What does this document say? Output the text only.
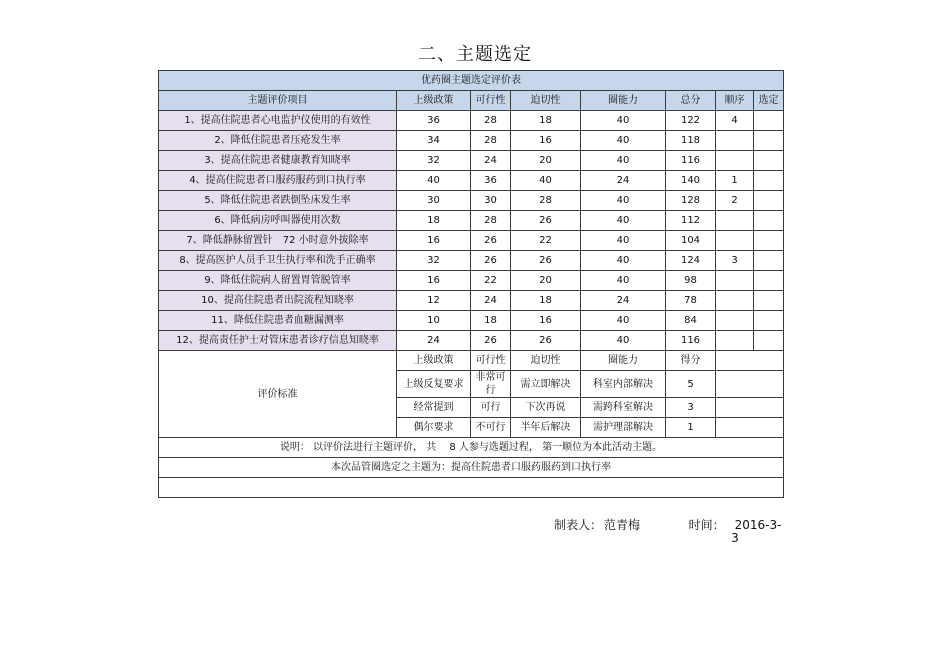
二、主题选定
优药圈主题选定评价表							
主题评价项目	上级政策	可行性	迫切性	圈能力	总分	顺序	选定
1、提高住院患者心电监护仪使用的有效性	36	28	18	40	122	4	
2、降低住院患者压疮发生率	34	28	16	40	118		
3、提高住院患者健康教育知晓率	32	24	20	40	116		
4、提高住院患者口服药服药到口执行率	40	36	40	24	140	1	
5、降低住院患者跌倒坠床发生率	30	30	28	40	128	2	
6、降低病房呼叫器使用次数	18	28	26	40	112		
7、降低静脉留置针　72 小时意外拔除率	16	26	22	40	104		
8、提高医护人员手卫生执行率和洗手正确率	32	26	26	40	124	3	
9、降低住院病人留置胃管脱管率	16	22	20	40	98		
10、提高住院患者出院流程知晓率	12	24	18	24	78		
11、降低住院患者血糖漏测率	10	18	16	40	84		
12、提高责任护士对管床患者诊疗信息知晓率	24	26	26	40	116		
评价标准	上级政策	可行性	迫切性	圈能力	得分		
	上级反复要求	非常可行	需立即解决	科室内部解决	5		
	经常提到	可行	下次再说	需跨科室解决	3		
	偶尔要求	不可行	半年后解决	需护理部解决	1		
说明： 以评价法进行主题评价， 共　 8 人参与选题过程， 第一顺位为本此活动主题。							
本次品管圈选定之主题为：提高住院患者口服药服药到口执行率							

制表人： 范青梅 时间： 2016-3-3							
